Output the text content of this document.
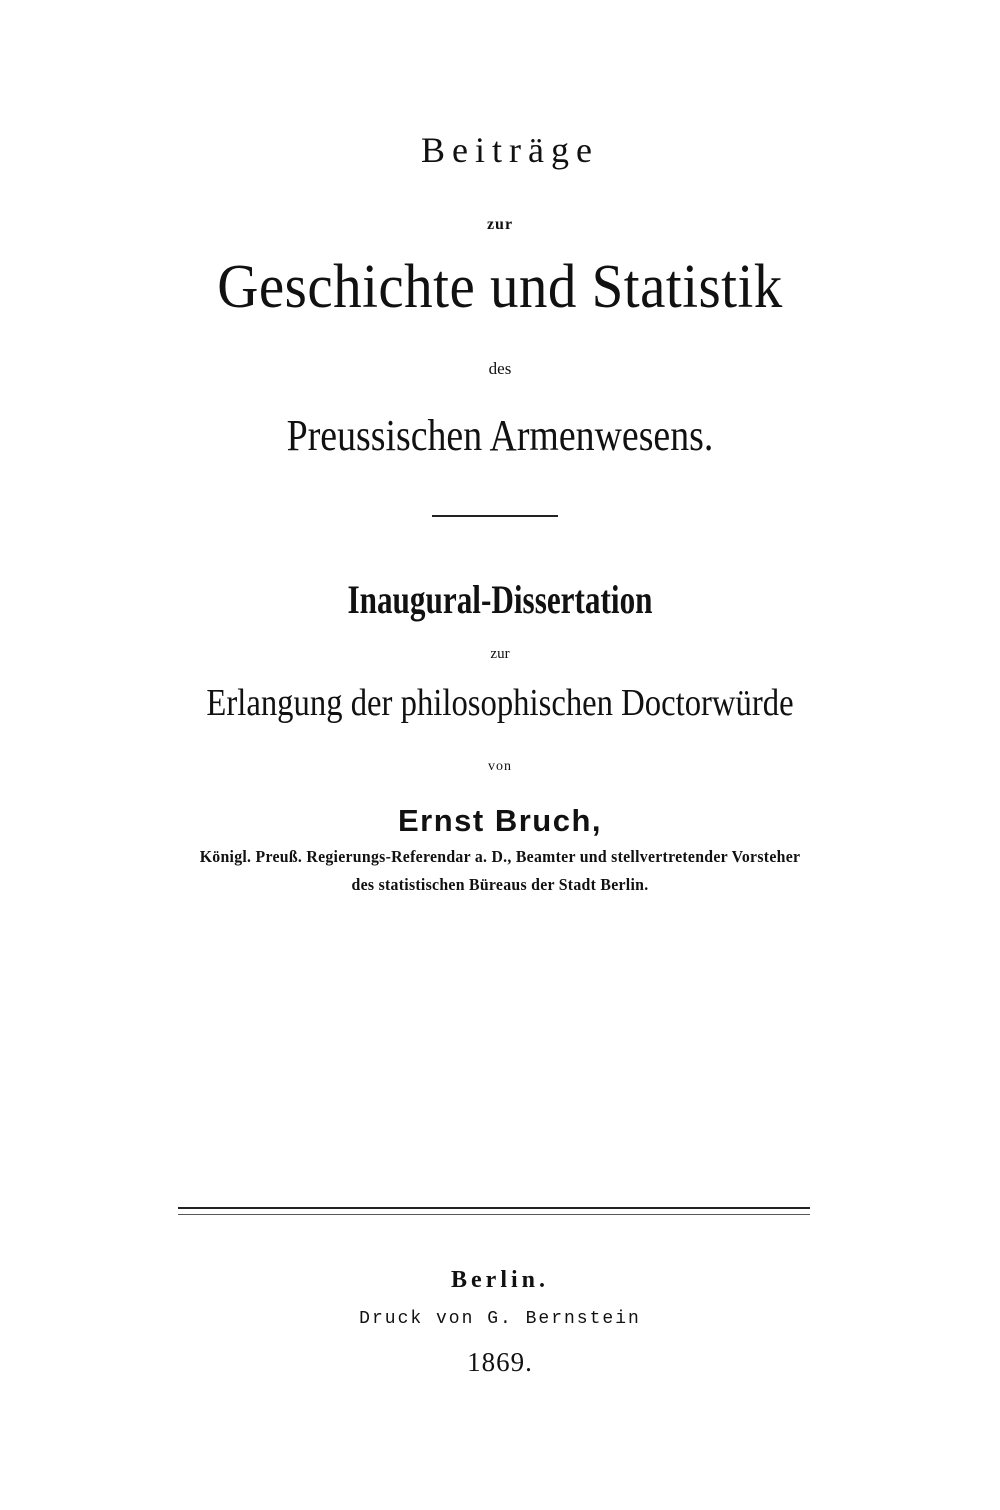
Beiträge
zur
Geschichte und Statistik
des
Preussischen Armenwesens.
Inaugural-Dissertation
zur
Erlangung der philosophischen Doctorwürde
von
Ernst Bruch,
Königl. Preuß. Regierungs-Referendar a. D., Beamter und stellvertretender Vorsteher
des statistischen Büreaus der Stadt Berlin.
Berlin.
Druck von G. Bernstein
1869.
